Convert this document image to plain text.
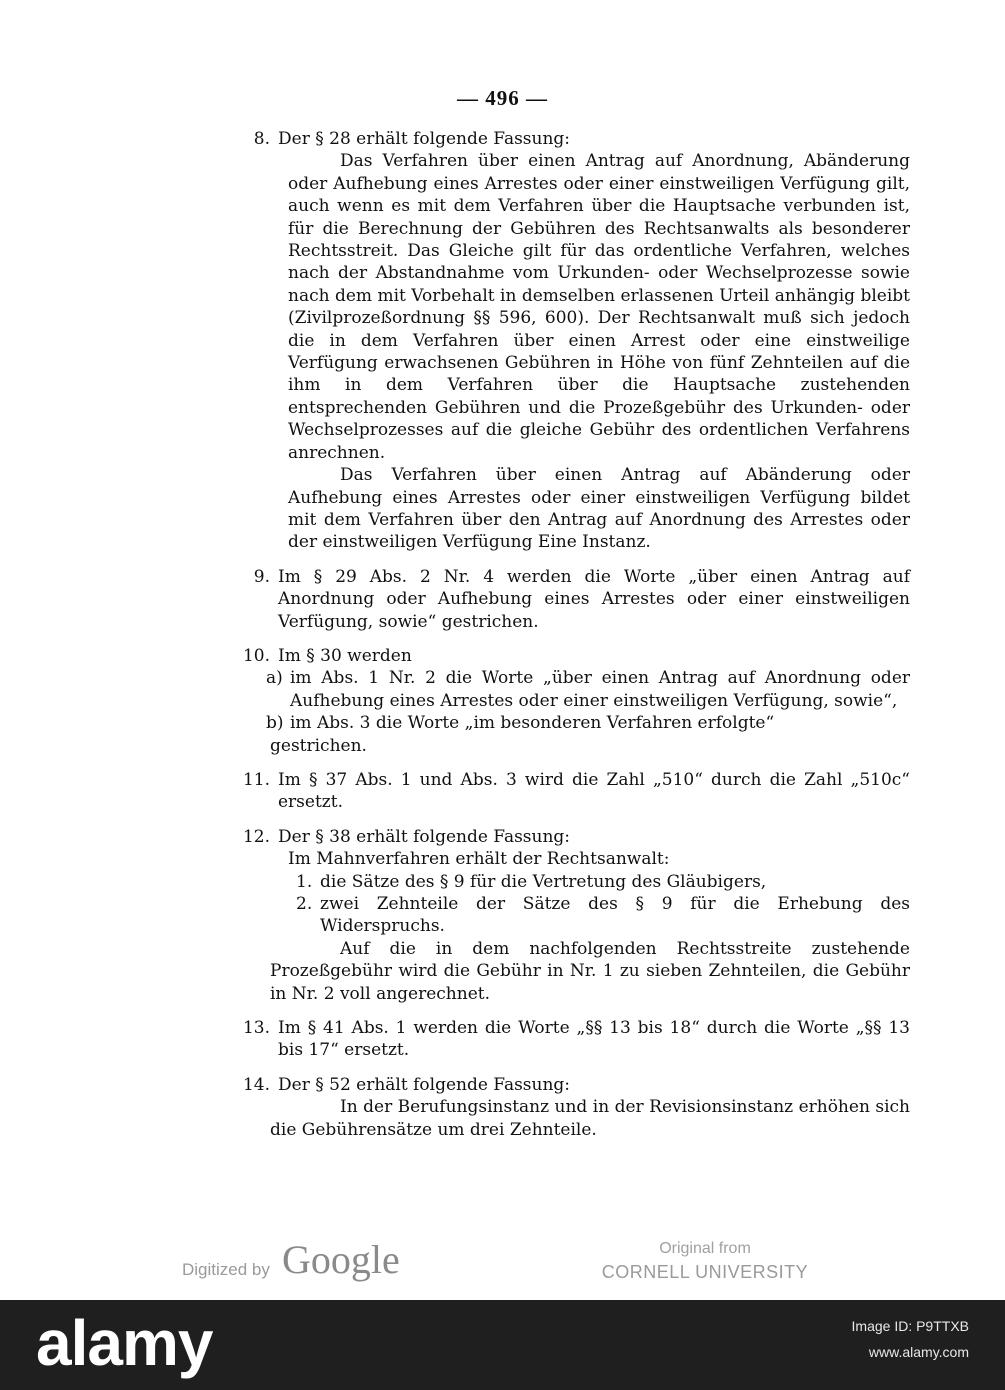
— 496 —
8. Der § 28 erhält folgende Fassung:

Das Verfahren über einen Antrag auf Anordnung, Abänderung oder Aufhebung eines Arrestes oder einer einstweiligen Verfügung gilt, auch wenn es mit dem Verfahren über die Hauptsache verbunden ist, für die Berechnung der Gebühren des Rechtsanwalts als besonderer Rechtsstreit. Das Gleiche gilt für das ordentliche Verfahren, welches nach der Abstandnahme vom Urkunden- oder Wechselprozesse sowie nach dem mit Vorbehalt in demselben erlassenen Urteil anhängig bleibt (Zivilprozeßordnung §§ 596, 600). Der Rechtsanwalt muß sich jedoch die in dem Verfahren über einen Arrest oder eine einstweilige Verfügung erwachsenen Gebühren in Höhe von fünf Zehnteilen auf die ihm in dem Verfahren über die Hauptsache zustehenden entsprechenden Gebühren und die Prozeßgebühr des Urkunden- oder Wechselprozesses auf die gleiche Gebühr des ordentlichen Verfahrens anrechnen.

Das Verfahren über einen Antrag auf Abänderung oder Aufhebung eines Arrestes oder einer einstweiligen Verfügung bildet mit dem Verfahren über den Antrag auf Anordnung des Arrestes oder der einstweiligen Verfügung Eine Instanz.

9. Im § 29 Abs. 2 Nr. 4 werden die Worte „über einen Antrag auf Anordnung oder Aufhebung eines Arrestes oder einer einstweiligen Verfügung, sowie“ gestrichen.
10. Im § 30 werden
a) im Abs. 1 Nr. 2 die Worte „über einen Antrag auf Anordnung oder Aufhebung eines Arrestes oder einer einstweiligen Verfügung, sowie“,
b) im Abs. 3 die Worte „im besonderen Verfahren erfolgte“

gestrichen.

11. Im § 37 Abs. 1 und Abs. 3 wird die Zahl „510“ durch die Zahl „510c“ ersetzt.
12. Der § 38 erhält folgende Fassung:

Im Mahnverfahren erhält der Rechtsanwalt:

1. die Sätze des § 9 für die Vertretung des Gläubigers,
2. zwei Zehnteile der Sätze des § 9 für die Erhebung des Widerspruchs.

Auf die in dem nachfolgenden Rechtsstreite zustehende Prozeßgebühr wird die Gebühr in Nr. 1 zu sieben Zehnteilen, die Gebühr in Nr. 2 voll angerechnet.

13. Im § 41 Abs. 1 werden die Worte „§§ 13 bis 18“ durch die Worte „§§ 13 bis 17“ ersetzt.
14. Der § 52 erhält folgende Fassung:

In der Berufungsinstanz und in der Revisionsinstanz erhöhen sich die Gebührensätze um drei Zehnteile.

Digitized by Google	Original from
CORNELL UNIVERSITY
alamy	Image ID: P9TTXB
www.alamy.com
